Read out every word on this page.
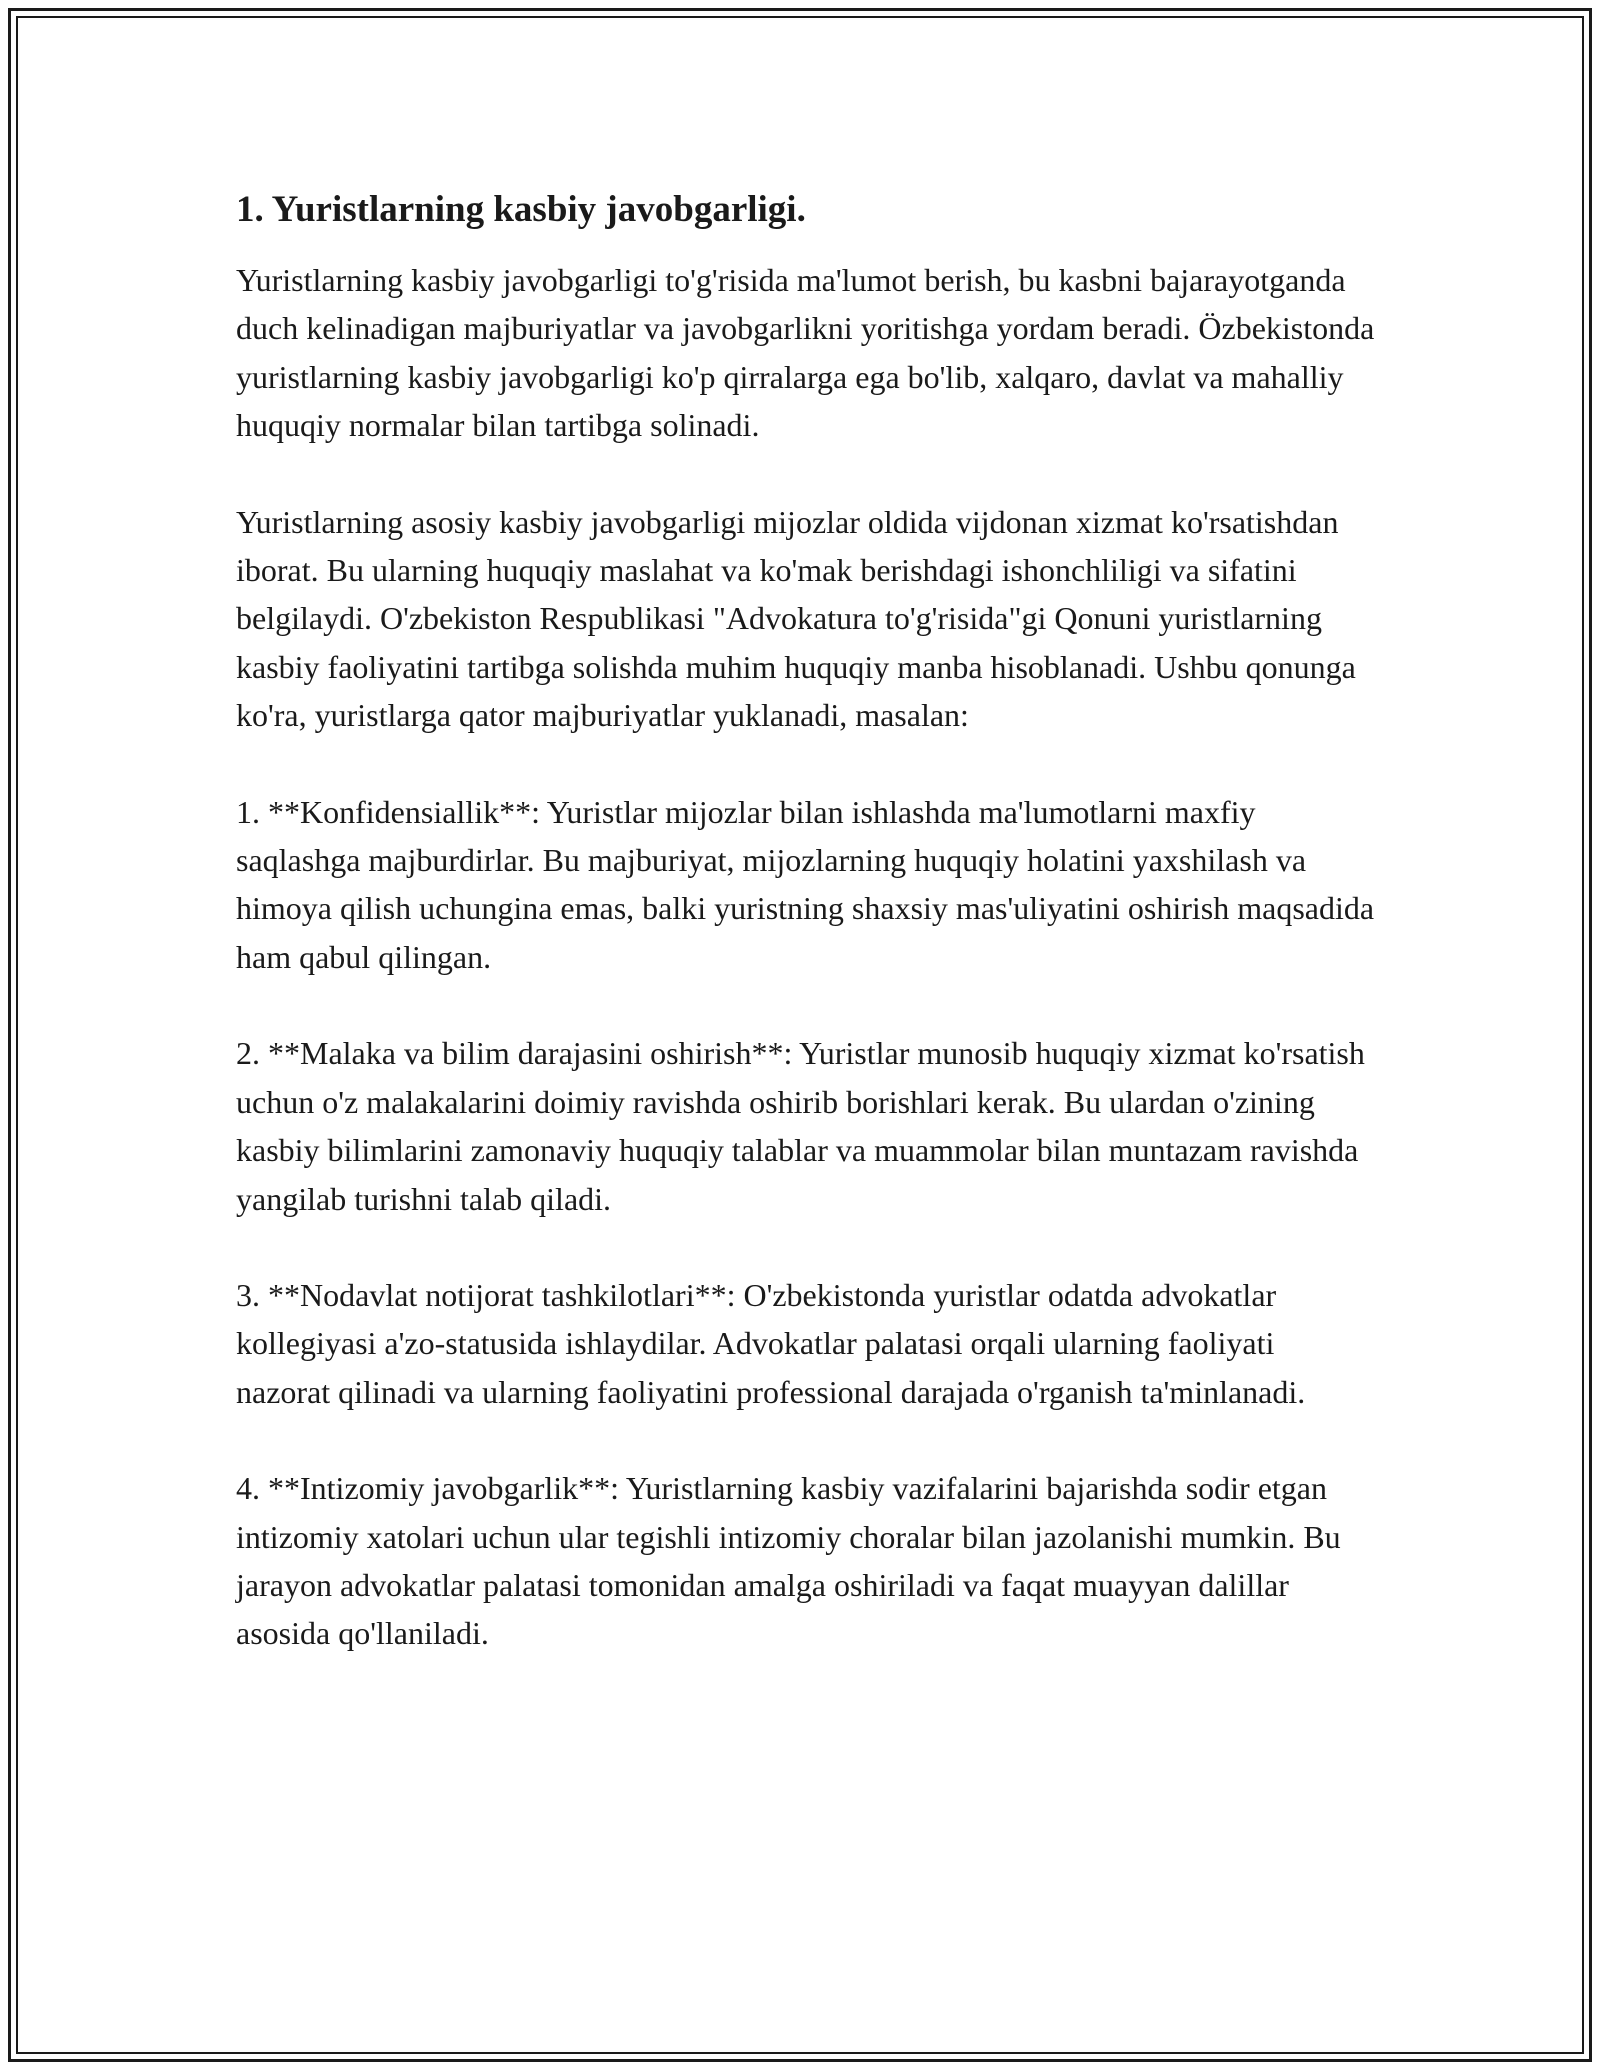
1. Yuristlarning kasbiy javobgarligi.

Yuristlarning kasbiy javobgarligi to'g'risida ma'lumot berish, bu kasbni bajarayotganda duch kelinadigan majburiyatlar va javobgarlikni yoritishga yordam beradi. Özbekistonda yuristlarning kasbiy javobgarligi ko'p qirralarga ega bo'lib, xalqaro, davlat va mahalliy huquqiy normalar bilan tartibga solinadi.

Yuristlarning asosiy kasbiy javobgarligi mijozlar oldida vijdonan xizmat ko'rsatishdan iborat. Bu ularning huquqiy maslahat va ko'mak berishdagi ishonchliligi va sifatini belgilaydi. O'zbekiston Respublikasi "Advokatura to'g'risida"gi Qonuni yuristlarning kasbiy faoliyatini tartibga solishda muhim huquqiy manba hisoblanadi. Ushbu qonunga ko'ra, yuristlarga qator majburiyatlar yuklanadi, masalan:

1. **Konfidensiallik**: Yuristlar mijozlar bilan ishlashda ma'lumotlarni maxfiy saqlashga majburdirlar. Bu majburiyat, mijozlarning huquqiy holatini yaxshilash va himoya qilish uchungina emas, balki yuristning shaxsiy mas'uliyatini oshirish maqsadida ham qabul qilingan.

2. **Malaka va bilim darajasini oshirish**: Yuristlar munosib huquqiy xizmat ko'rsatish uchun o'z malakalarini doimiy ravishda oshirib borishlari kerak. Bu ulardan o'zining kasbiy bilimlarini zamonaviy huquqiy talablar va muammolar bilan muntazam ravishda yangilab turishni talab qiladi.

3. **Nodavlat notijorat tashkilotlari**: O'zbekistonda yuristlar odatda advokatlar kollegiyasi a'zo-statusida ishlaydilar. Advokatlar palatasi orqali ularning faoliyati nazorat qilinadi va ularning faoliyatini professional darajada o'rganish ta'minlanadi.

4. **Intizomiy javobgarlik**: Yuristlarning kasbiy vazifalarini bajarishda sodir etgan intizomiy xatolari uchun ular tegishli intizomiy choralar bilan jazolanishi mumkin. Bu jarayon advokatlar palatasi tomonidan amalga oshiriladi va faqat muayyan dalillar asosida qo'llaniladi.
